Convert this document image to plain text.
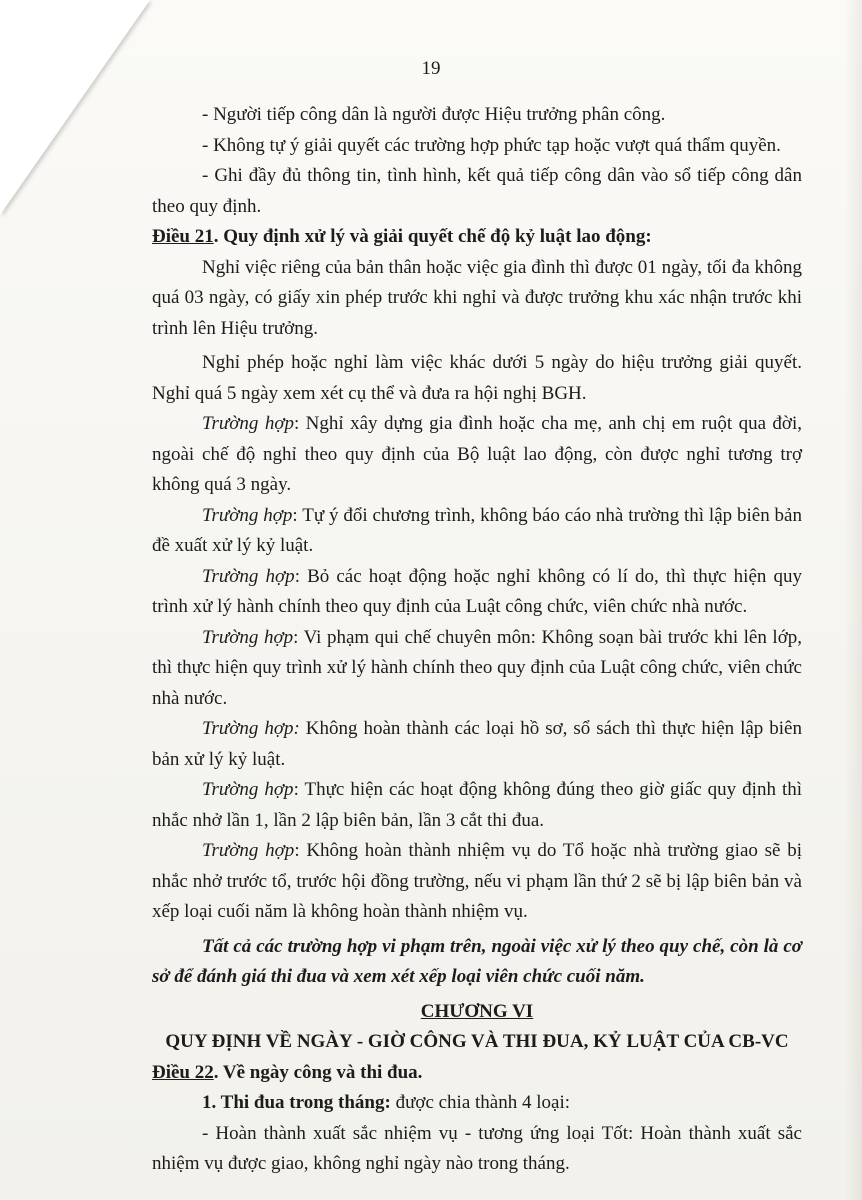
19

- Người tiếp công dân là người được Hiệu trưởng phân công.

- Không tự ý giải quyết các trường hợp phức tạp hoặc vượt quá thẩm quyền.

- Ghi đầy đủ thông tin, tình hình, kết quả tiếp công dân vào sổ tiếp công dân theo quy định.

Điều 21. Quy định xử lý và giải quyết chế độ kỷ luật lao động:

Nghỉ việc riêng của bản thân hoặc việc gia đình thì được 01 ngày, tối đa không quá 03 ngày, có giấy xin phép trước khi nghỉ và được trưởng khu xác nhận trước khi trình lên Hiệu trưởng.

Nghỉ phép hoặc nghỉ làm việc khác dưới 5 ngày do hiệu trưởng giải quyết. Nghỉ quá 5 ngày xem xét cụ thể và đưa ra hội nghị BGH.

Trường hợp: Nghỉ xây dựng gia đình hoặc cha mẹ, anh chị em ruột qua đời, ngoài chế độ nghỉ theo quy định của Bộ luật lao động, còn được nghỉ tương trợ không quá 3 ngày.

Trường hợp: Tự ý đổi chương trình, không báo cáo nhà trường thì lập biên bản đề xuất xử lý kỷ luật.

Trường hợp: Bỏ các hoạt động hoặc nghỉ không có lí do, thì thực hiện quy trình xử lý hành chính theo quy định của Luật công chức, viên chức nhà nước.

Trường hợp: Vi phạm qui chế chuyên môn: Không soạn bài trước khi lên lớp, thì thực hiện quy trình xử lý hành chính theo quy định của Luật công chức, viên chức nhà nước.

Trường hợp: Không hoàn thành các loại hồ sơ, sổ sách thì thực hiện lập biên bản xử lý kỷ luật.

Trường hợp: Thực hiện các hoạt động không đúng theo giờ giấc quy định thì nhắc nhở lần 1, lần 2 lập biên bản, lần 3 cắt thi đua.

Trường hợp: Không hoàn thành nhiệm vụ do Tổ hoặc nhà trường giao sẽ bị nhắc nhở trước tổ, trước hội đồng trường, nếu vi phạm lần thứ 2 sẽ bị lập biên bản và xếp loại cuối năm là không hoàn thành nhiệm vụ.

Tất cả các trường hợp vi phạm trên, ngoài việc xử lý theo quy chế, còn là cơ sở để đánh giá thi đua và xem xét xếp loại viên chức cuối năm.

CHƯƠNG VI

QUY ĐỊNH VỀ NGÀY - GIỜ CÔNG VÀ THI ĐUA, KỶ LUẬT CỦA CB-VC

Điều 22. Về ngày công và thi đua.

1. Thi đua trong tháng: được chia thành 4 loại:

- Hoàn thành xuất sắc nhiệm vụ - tương ứng loại Tốt: Hoàn thành xuất sắc nhiệm vụ được giao, không nghỉ ngày nào trong tháng.
